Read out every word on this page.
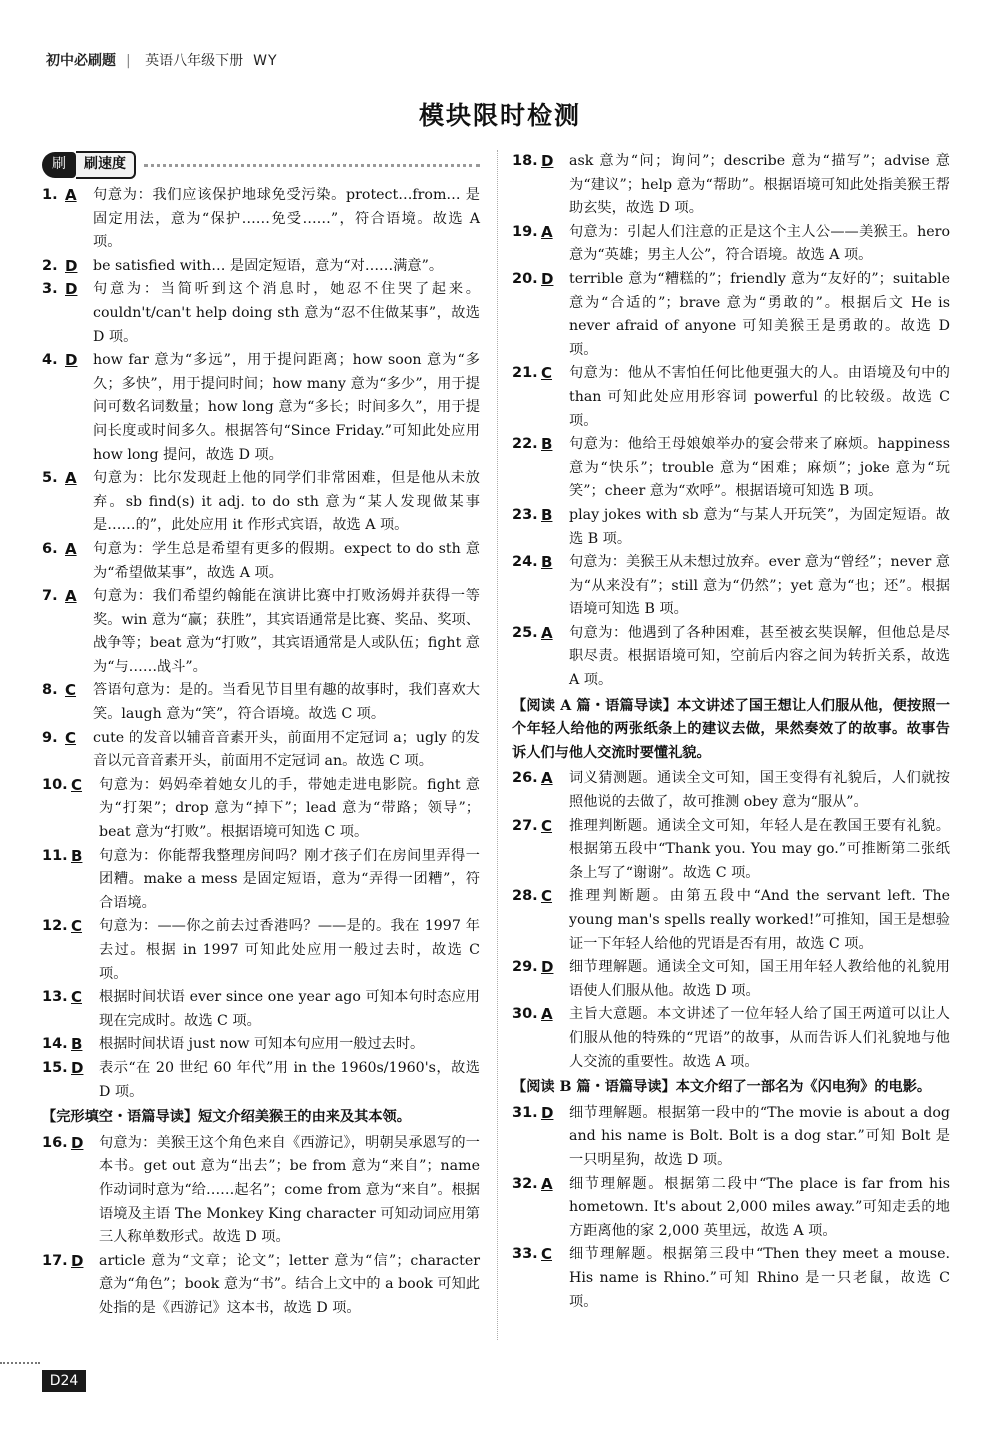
初中必刷题 | 英语八年级下册 WY
模块限时检测
刷	刷速度
1. A	句意为：我们应该保护地球免受污染。protect…from… 是固定用法，意为“保护……免受……”，符合语境。故选 A 项。
2. D	be satisfied with… 是固定短语，意为“对……满意”。
3. D	句意为：当简听到这个消息时，她忍不住哭了起来。couldn't/can't help doing sth 意为“忍不住做某事”，故选 D 项。
4. D	how far 意为“多远”，用于提问距离；how soon 意为“多久；多快”，用于提问时间；how many 意为“多少”，用于提问可数名词数量；how long 意为“多长；时间多久”，用于提问长度或时间多久。根据答句“Since Friday.”可知此处应用 how long 提问，故选 D 项。
5. A	句意为：比尔发现赶上他的同学们非常困难，但是他从未放弃。sb find(s) it adj. to do sth 意为“某人发现做某事是……的”，此处应用 it 作形式宾语，故选 A 项。
6. A	句意为：学生总是希望有更多的假期。expect to do sth 意为“希望做某事”，故选 A 项。
7. A	句意为：我们希望约翰能在演讲比赛中打败汤姆并获得一等奖。win 意为“赢；获胜”，其宾语通常是比赛、奖品、奖项、战争等；beat 意为“打败”，其宾语通常是人或队伍；fight 意为“与……战斗”。
8. C	答语句意为：是的。当看见节目里有趣的故事时，我们喜欢大笑。laugh 意为“笑”，符合语境。故选 C 项。
9. C	cute 的发音以辅音音素开头，前面用不定冠词 a；ugly 的发音以元音音素开头，前面用不定冠词 an。故选 C 项。
10. C	句意为：妈妈牵着她女儿的手，带她走进电影院。fight 意为“打架”；drop 意为“掉下”；lead 意为“带路；领导”；beat 意为“打败”。根据语境可知选 C 项。
11. B	句意为：你能帮我整理房间吗？刚才孩子们在房间里弄得一团糟。make a mess 是固定短语，意为“弄得一团糟”，符合语境。
12. C	句意为：——你之前去过香港吗？——是的。我在 1997 年去过。根据 in 1997 可知此处应用一般过去时，故选 C 项。
13. C	根据时间状语 ever since one year ago 可知本句时态应用现在完成时。故选 C 项。
14. B	根据时间状语 just now 可知本句应用一般过去时。
15. D	表示“在 20 世纪 60 年代”用 in the 1960s/1960's，故选 D 项。
【完形填空・语篇导读】短文介绍美猴王的由来及其本领。
16. D	句意为：美猴王这个角色来自《西游记》，明朝吴承恩写的一本书。get out 意为“出去”；be from 意为“来自”；name 作动词时意为“给……起名”；come from 意为“来自”。根据语境及主语 The Monkey King character 可知动词应用第三人称单数形式。故选 D 项。
17. D	article 意为“文章；论文”；letter 意为“信”；character 意为“角色”；book 意为“书”。结合上文中的 a book 可知此处指的是《西游记》这本书，故选 D 项。
18. D	ask 意为“问；询问”；describe 意为“描写”；advise 意为“建议”；help 意为“帮助”。根据语境可知此处指美猴王帮助玄奘，故选 D 项。
19. A	句意为：引起人们注意的正是这个主人公——美猴王。hero 意为“英雄；男主人公”，符合语境。故选 A 项。
20. D	terrible 意为“糟糕的”；friendly 意为“友好的”；suitable 意为“合适的”；brave 意为“勇敢的”。根据后文 He is never afraid of anyone 可知美猴王是勇敢的。故选 D 项。
21. C	句意为：他从不害怕任何比他更强大的人。由语境及句中的 than 可知此处应用形容词 powerful 的比较级。故选 C 项。
22. B	句意为：他给王母娘娘举办的宴会带来了麻烦。happiness 意为“快乐”；trouble 意为“困难；麻烦”；joke 意为“玩笑”；cheer 意为“欢呼”。根据语境可知选 B 项。
23. B	play jokes with sb 意为“与某人开玩笑”，为固定短语。故选 B 项。
24. B	句意为：美猴王从未想过放弃。ever 意为“曾经”；never 意为“从来没有”；still 意为“仍然”；yet 意为“也；还”。根据语境可知选 B 项。
25. A	句意为：他遇到了各种困难，甚至被玄奘误解，但他总是尽职尽责。根据语境可知，空前后内容之间为转折关系，故选 A 项。
【阅读 A 篇・语篇导读】本文讲述了国王想让人们服从他，便按照一个年轻人给他的两张纸条上的建议去做，果然奏效了的故事。故事告诉人们与他人交流时要懂礼貌。
26. A	词义猜测题。通读全文可知，国王变得有礼貌后，人们就按照他说的去做了，故可推测 obey 意为“服从”。
27. C	推理判断题。通读全文可知，年轻人是在教国王要有礼貌。根据第五段中“Thank you. You may go.”可推断第二张纸条上写了“谢谢”。故选 C 项。
28. C	推理判断题。由第五段中“And the servant left. The young man's spells really worked!”可推知，国王是想验证一下年轻人给他的咒语是否有用，故选 C 项。
29. D	细节理解题。通读全文可知，国王用年轻人教给他的礼貌用语使人们服从他。故选 D 项。
30. A	主旨大意题。本文讲述了一位年轻人给了国王两道可以让人们服从他的特殊的“咒语”的故事，从而告诉人们礼貌地与他人交流的重要性。故选 A 项。
【阅读 B 篇・语篇导读】本文介绍了一部名为《闪电狗》的电影。
31. D	细节理解题。根据第一段中的“The movie is about a dog and his name is Bolt. Bolt is a dog star.”可知 Bolt 是一只明星狗，故选 D 项。
32. A	细节理解题。根据第二段中“The place is far from his hometown. It's about 2,000 miles away.”可知走丢的地方距离他的家 2,000 英里远，故选 A 项。
33. C	细节理解题。根据第三段中“Then they meet a mouse. His name is Rhino.”可知 Rhino 是一只老鼠，故选 C 项。
D24
